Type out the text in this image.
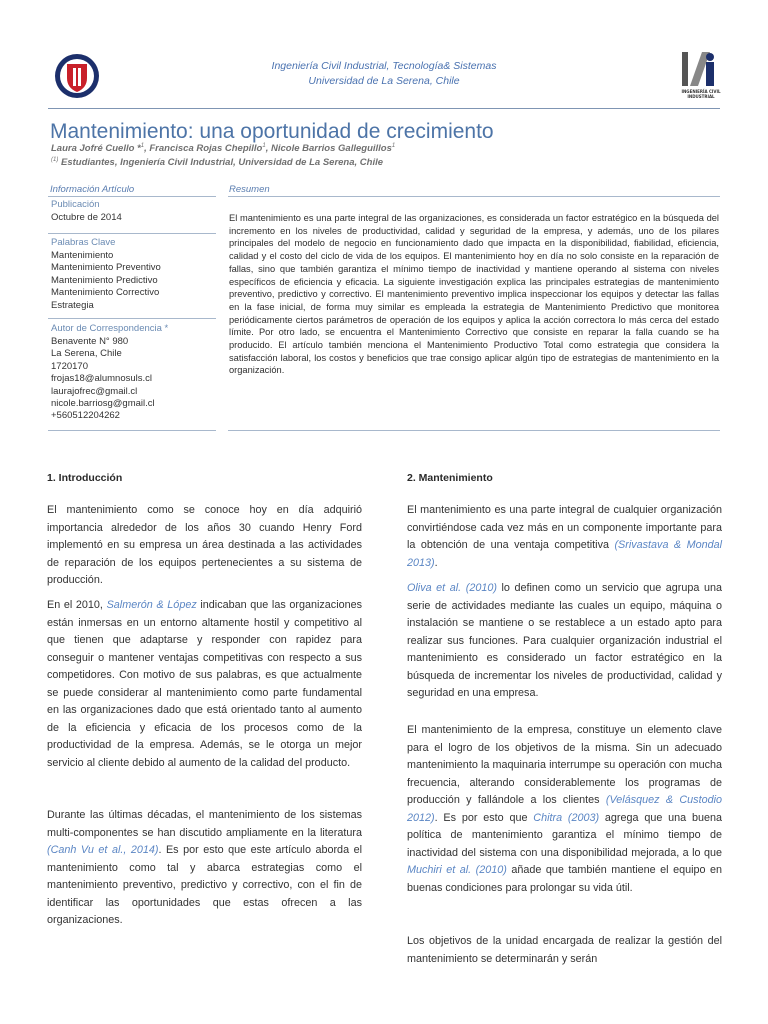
Ingeniería Civil Industrial, Tecnología& Sistemas
Universidad de La Serena, Chile
INGENIERÍA CIVIL
INDUSTRIAL
Mantenimiento: una oportunidad de crecimiento
Laura Jofré Cuello *$^1$, Francisca Rojas Chepillo$^1$, Nicole Barrios Galleguillos$^1$
$^{(1)}$ Estudiantes, Ingeniería Civil Industrial, Universidad de La Serena, Chile
Información Artículo
Publicación
Octubre de 2014
Palabras Clave
Mantenimiento
Mantenimiento Preventivo
Mantenimiento Predictivo
Mantenimiento Correctivo
Estrategia
Autor de Correspondencia *
Benavente N° 980
La Serena, Chile
1720170
frojas18@alumnosuls.cl
laurajofrec@gmail.cl
nicole.barriosg@gmail.cl
+560512204262
Resumen
El mantenimiento es una parte integral de las organizaciones, es considerada un factor estratégico en la búsqueda del incremento en los niveles de productividad, calidad y seguridad de la empresa, y además, uno de los pilares principales del modelo de negocio en funcionamiento dado que impacta en la disponibilidad, fiabilidad, eficiencia, calidad y el costo del ciclo de vida de los equipos. El mantenimiento hoy en día no solo consiste en la reparación de fallas, sino que también garantiza el mínimo tiempo de inactividad y mantiene operando al sistema con niveles específicos de eficiencia y eficacia. La siguiente investigación explica las principales estrategias de mantenimiento preventivo, predictivo y correctivo. El mantenimiento preventivo implica inspeccionar los equipos y detectar las fallas en la fase inicial, de forma muy similar es empleada la estrategia de Mantenimiento Predictivo que monitorea periódicamente ciertos parámetros de operación de los equipos y aplica la acción correctora lo más cerca del estado límite. Por otro lado, se encuentra el Mantenimiento Correctivo que consiste en reparar la falla cuando se ha producido. El artículo también menciona el Mantenimiento Productivo Total como estrategia que considera la satisfacción laboral, los costos y beneficios que trae consigo aplicar algún tipo de estrategias de mantenimiento en la organización.
1. Introducción
El mantenimiento como se conoce hoy en día adquirió importancia alrededor de los años 30 cuando Henry Ford implementó en su empresa un área destinada a las actividades de reparación de los equipos pertenecientes a su sistema de producción.
En el 2010, Salmerón & López indicaban que las organizaciones están inmersas en un entorno altamente hostil y competitivo al que tienen que adaptarse y responder con rapidez para conseguir o mantener ventajas competitivas con respecto a sus competidores. Con motivo de sus palabras, es que actualmente se puede considerar al mantenimiento como parte fundamental en las organizaciones dado que está orientado tanto al aumento de la eficiencia y eficacia de los procesos como de la productividad de la empresa. Además, se le otorga un mejor servicio al cliente debido al aumento de la calidad del producto.
Durante las últimas décadas, el mantenimiento de los sistemas multi-componentes se han discutido ampliamente en la literatura (Canh Vu et al., 2014). Es por esto que este artículo aborda el mantenimiento como tal y abarca estrategias como el mantenimiento preventivo, predictivo y correctivo, con el fin de identificar las oportunidades que estas ofrecen a las organizaciones.
2. Mantenimiento
El mantenimiento es una parte integral de cualquier organización convirtiéndose cada vez más en un componente importante para la obtención de una ventaja competitiva (Srivastava & Mondal 2013).
Oliva et al. (2010) lo definen como un servicio que agrupa una serie de actividades mediante las cuales un equipo, máquina o instalación se mantiene o se restablece a un estado apto para realizar sus funciones. Para cualquier organización industrial el mantenimiento es considerado un factor estratégico en la búsqueda de incrementar los niveles de productividad, calidad y seguridad en una empresa.
El mantenimiento de la empresa, constituye un elemento clave para el logro de los objetivos de la misma. Sin un adecuado mantenimiento la maquinaria interrumpe su operación con mucha frecuencia, alterando considerablemente los programas de producción y fallándole a los clientes (Velásquez & Custodio 2012). Es por esto que Chitra (2003) agrega que una buena política de mantenimiento garantiza el mínimo tiempo de inactividad del sistema con una disponibilidad mejorada, a lo que Muchiri et al. (2010) añade que también mantiene el equipo en buenas condiciones para prolongar su vida útil.
Los objetivos de la unidad encargada de realizar la gestión del mantenimiento se determinarán y serán
